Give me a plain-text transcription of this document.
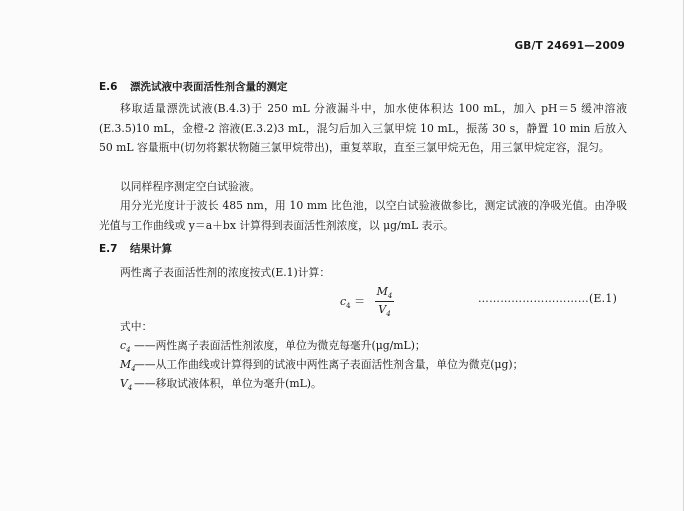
GB/T 24691—2009
E.6 漂洗试液中表面活性剂含量的测定
移取适量漂洗试液(B.4.3)于 250 mL 分液漏斗中，加水使体积达 100 mL，加入 pH＝5 缓冲溶液(E.3.5)10 mL，金橙-2 溶液(E.3.2)3 mL，混匀后加入三氯甲烷 10 mL，振荡 30 s，静置 10 min 后放入 50 mL 容量瓶中(切勿将絮状物随三氯甲烷带出)，重复萃取，直至三氯甲烷无色，用三氯甲烷定容，混匀。
以同样程序测定空白试验液。
用分光光度计于波长 485 nm，用 10 mm 比色池，以空白试验液做参比，测定试液的净吸光值。由净吸光值与工作曲线或 y＝a＋bx 计算得到表面活性剂浓度，以 μg/mL 表示。
E.7 结果计算
两性离子表面活性剂的浓度按式(E.1)计算：
$c_4 = \frac{M_4}{V_4}$	…………………………(E.1)
式中：
$c_4$ ——两性离子表面活性剂浓度，单位为微克每毫升(μg/mL)；
$M_4——$从工作曲线或计算得到的试液中两性离子表面活性剂含量，单位为微克(μg)；
$V_4$ ——移取试液体积，单位为毫升(mL)。
